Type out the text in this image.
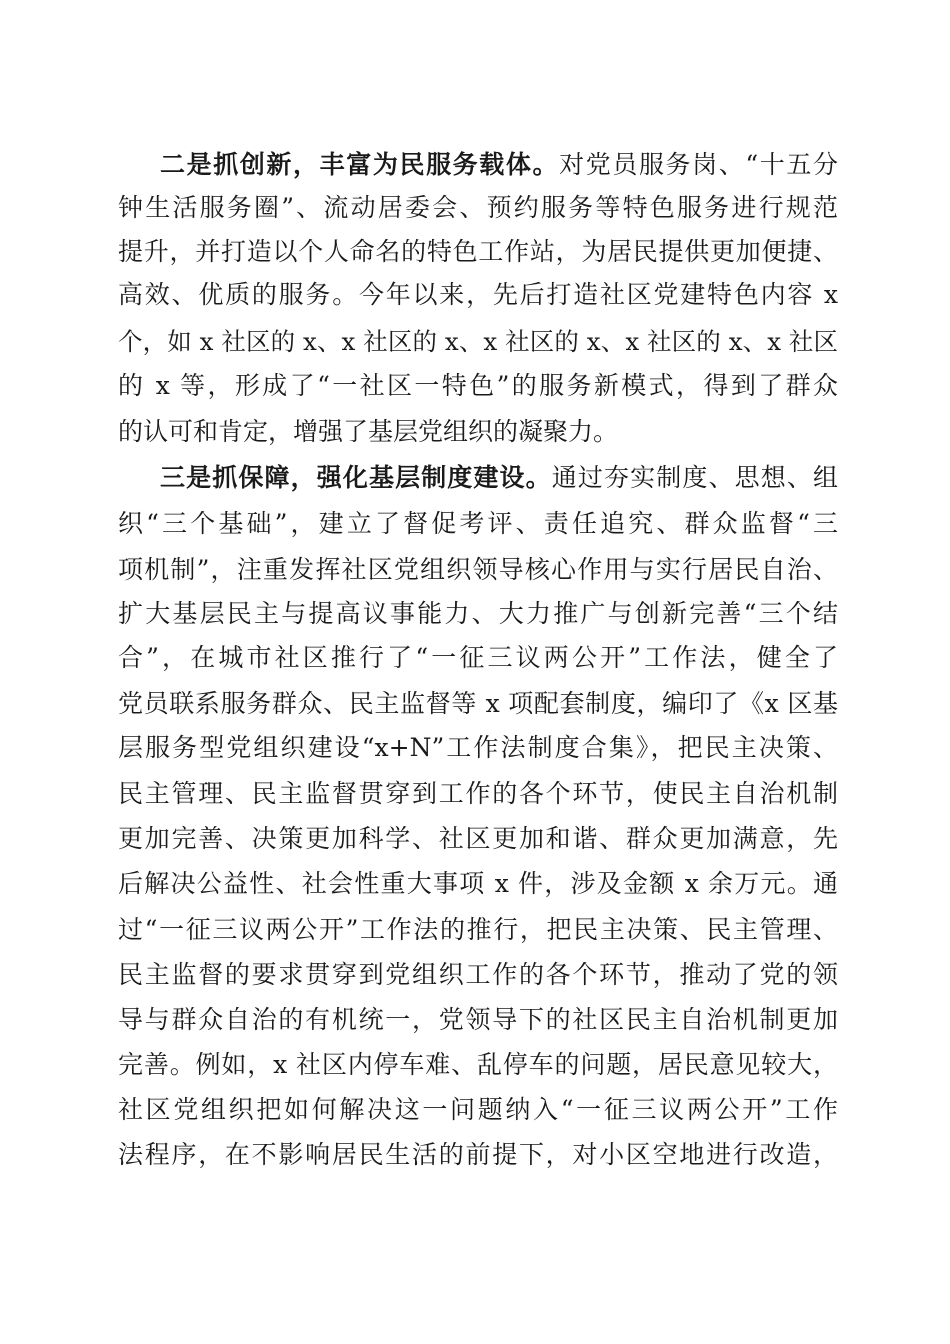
二是抓创新，丰富为民服务载体。对党员服务岗、“十五分
钟生活服务圈”、流动居委会、预约服务等特色服务进行规范
提升，并打造以个人命名的特色工作站，为居民提供更加便捷、
高效、优质的服务。今年以来，先后打造社区党建特色内容 x
个，如 x 社区的 x、x 社区的 x、x 社区的 x、x 社区的 x、x 社区
的 x 等，形成了“一社区一特色”的服务新模式，得到了群众
的认可和肯定，增强了基层党组织的凝聚力。
三是抓保障，强化基层制度建设。通过夯实制度、思想、组
织“三个基础”，建立了督促考评、责任追究、群众监督“三
项机制”，注重发挥社区党组织领导核心作用与实行居民自治、
扩大基层民主与提高议事能力、大力推广与创新完善“三个结
合”，在城市社区推行了“一征三议两公开”工作法，健全了
党员联系服务群众、民主监督等 x 项配套制度，编印了《x 区基
层服务型党组织建设“x+N”工作法制度合集》，把民主决策、
民主管理、民主监督贯穿到工作的各个环节，使民主自治机制
更加完善、决策更加科学、社区更加和谐、群众更加满意，先
后解决公益性、社会性重大事项 x 件，涉及金额 x 余万元。通
过“一征三议两公开”工作法的推行，把民主决策、民主管理、
民主监督的要求贯穿到党组织工作的各个环节，推动了党的领
导与群众自治的有机统一，党领导下的社区民主自治机制更加
完善。例如，x 社区内停车难、乱停车的问题，居民意见较大，
社区党组织把如何解决这一问题纳入“一征三议两公开”工作
法程序，在不影响居民生活的前提下，对小区空地进行改造，
